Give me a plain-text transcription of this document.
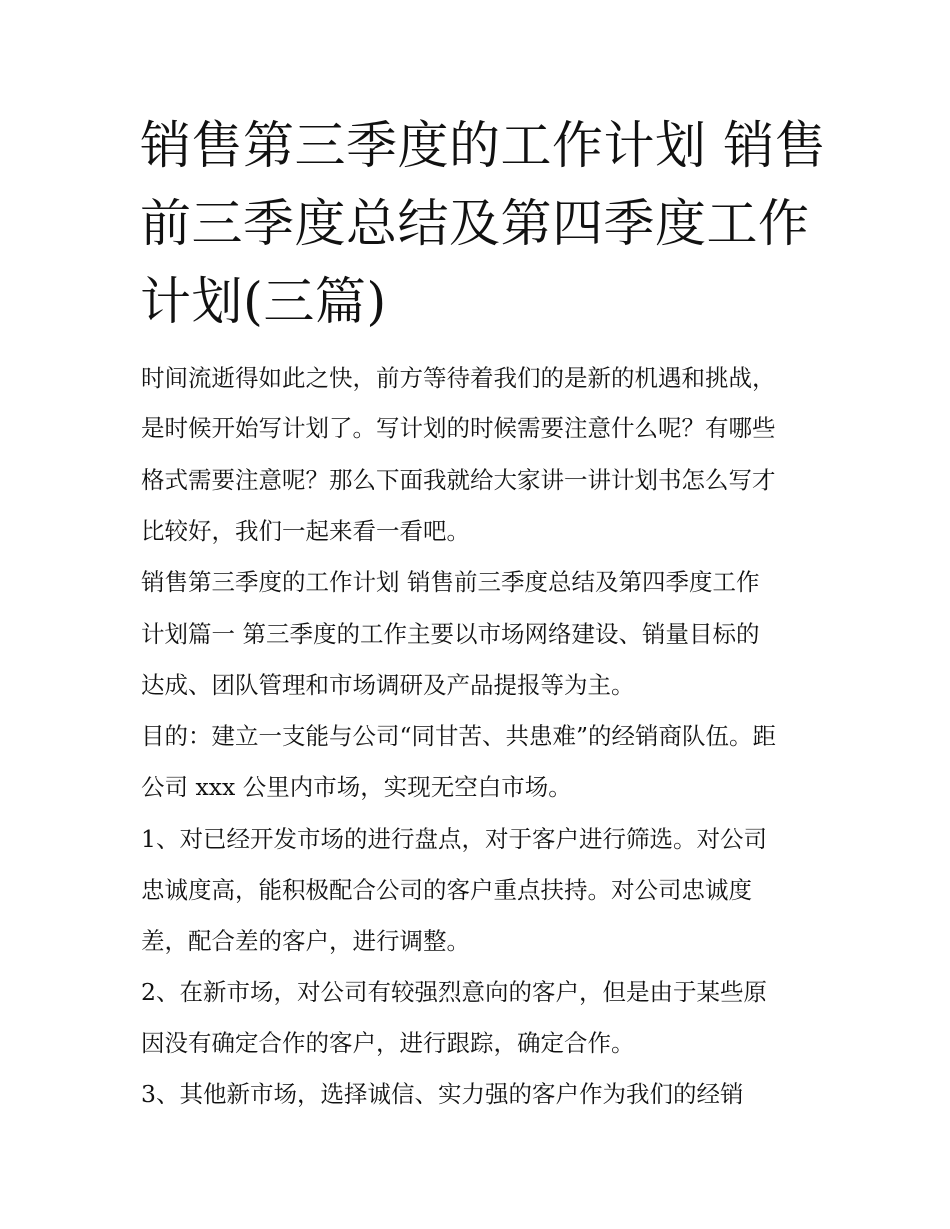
销售第三季度的工作计划 销售
前三季度总结及第四季度工作
计划(三篇)

时间流逝得如此之快，前方等待着我们的是新的机遇和挑战，

是时候开始写计划了。写计划的时候需要注意什么呢？有哪些

格式需要注意呢？那么下面我就给大家讲一讲计划书怎么写才

比较好，我们一起来看一看吧。

销售第三季度的工作计划 销售前三季度总结及第四季度工作

计划篇一 第三季度的工作主要以市场网络建设、销量目标的

达成、团队管理和市场调研及产品提报等为主。

目的：建立一支能与公司“同甘苦、共患难”的经销商队伍。距

公司 xxx 公里内市场，实现无空白市场。

1、对已经开发市场的进行盘点，对于客户进行筛选。对公司

忠诚度高，能积极配合公司的客户重点扶持。对公司忠诚度

差，配合差的客户，进行调整。

2、在新市场，对公司有较强烈意向的客户，但是由于某些原

因没有确定合作的客户，进行跟踪，确定合作。

3、其他新市场，选择诚信、实力强的客户作为我们的经销
